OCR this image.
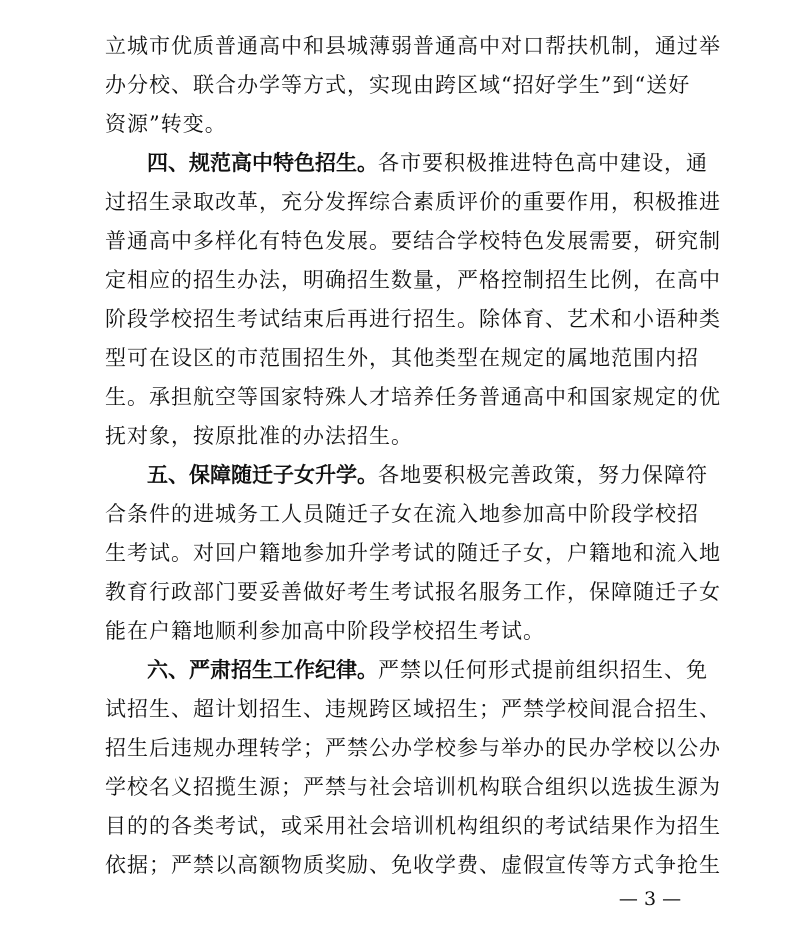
立城市优质普通高中和县城薄弱普通高中对口帮扶机制，通过举
办分校、联合办学等方式，实现由跨区域“招好学生”到“送好
资源”转变。
四、规范高中特色招生。各市要积极推进特色高中建设，通
过招生录取改革，充分发挥综合素质评价的重要作用，积极推进
普通高中多样化有特色发展。要结合学校特色发展需要，研究制
定相应的招生办法，明确招生数量，严格控制招生比例，在高中
阶段学校招生考试结束后再进行招生。除体育、艺术和小语种类
型可在设区的市范围招生外，其他类型在规定的属地范围内招
生。承担航空等国家特殊人才培养任务普通高中和国家规定的优
抚对象，按原批准的办法招生。
五、保障随迁子女升学。各地要积极完善政策，努力保障符
合条件的进城务工人员随迁子女在流入地参加高中阶段学校招
生考试。对回户籍地参加升学考试的随迁子女，户籍地和流入地
教育行政部门要妥善做好考生考试报名服务工作，保障随迁子女
能在户籍地顺利参加高中阶段学校招生考试。
六、严肃招生工作纪律。严禁以任何形式提前组织招生、免
试招生、超计划招生、违规跨区域招生；严禁学校间混合招生、
招生后违规办理转学；严禁公办学校参与举办的民办学校以公办
学校名义招揽生源；严禁与社会培训机构联合组织以选拔生源为
目的的各类考试，或采用社会培训机构组织的考试结果作为招生
依据；严禁以高额物质奖励、免收学费、虚假宣传等方式争抢生
— 3 —
